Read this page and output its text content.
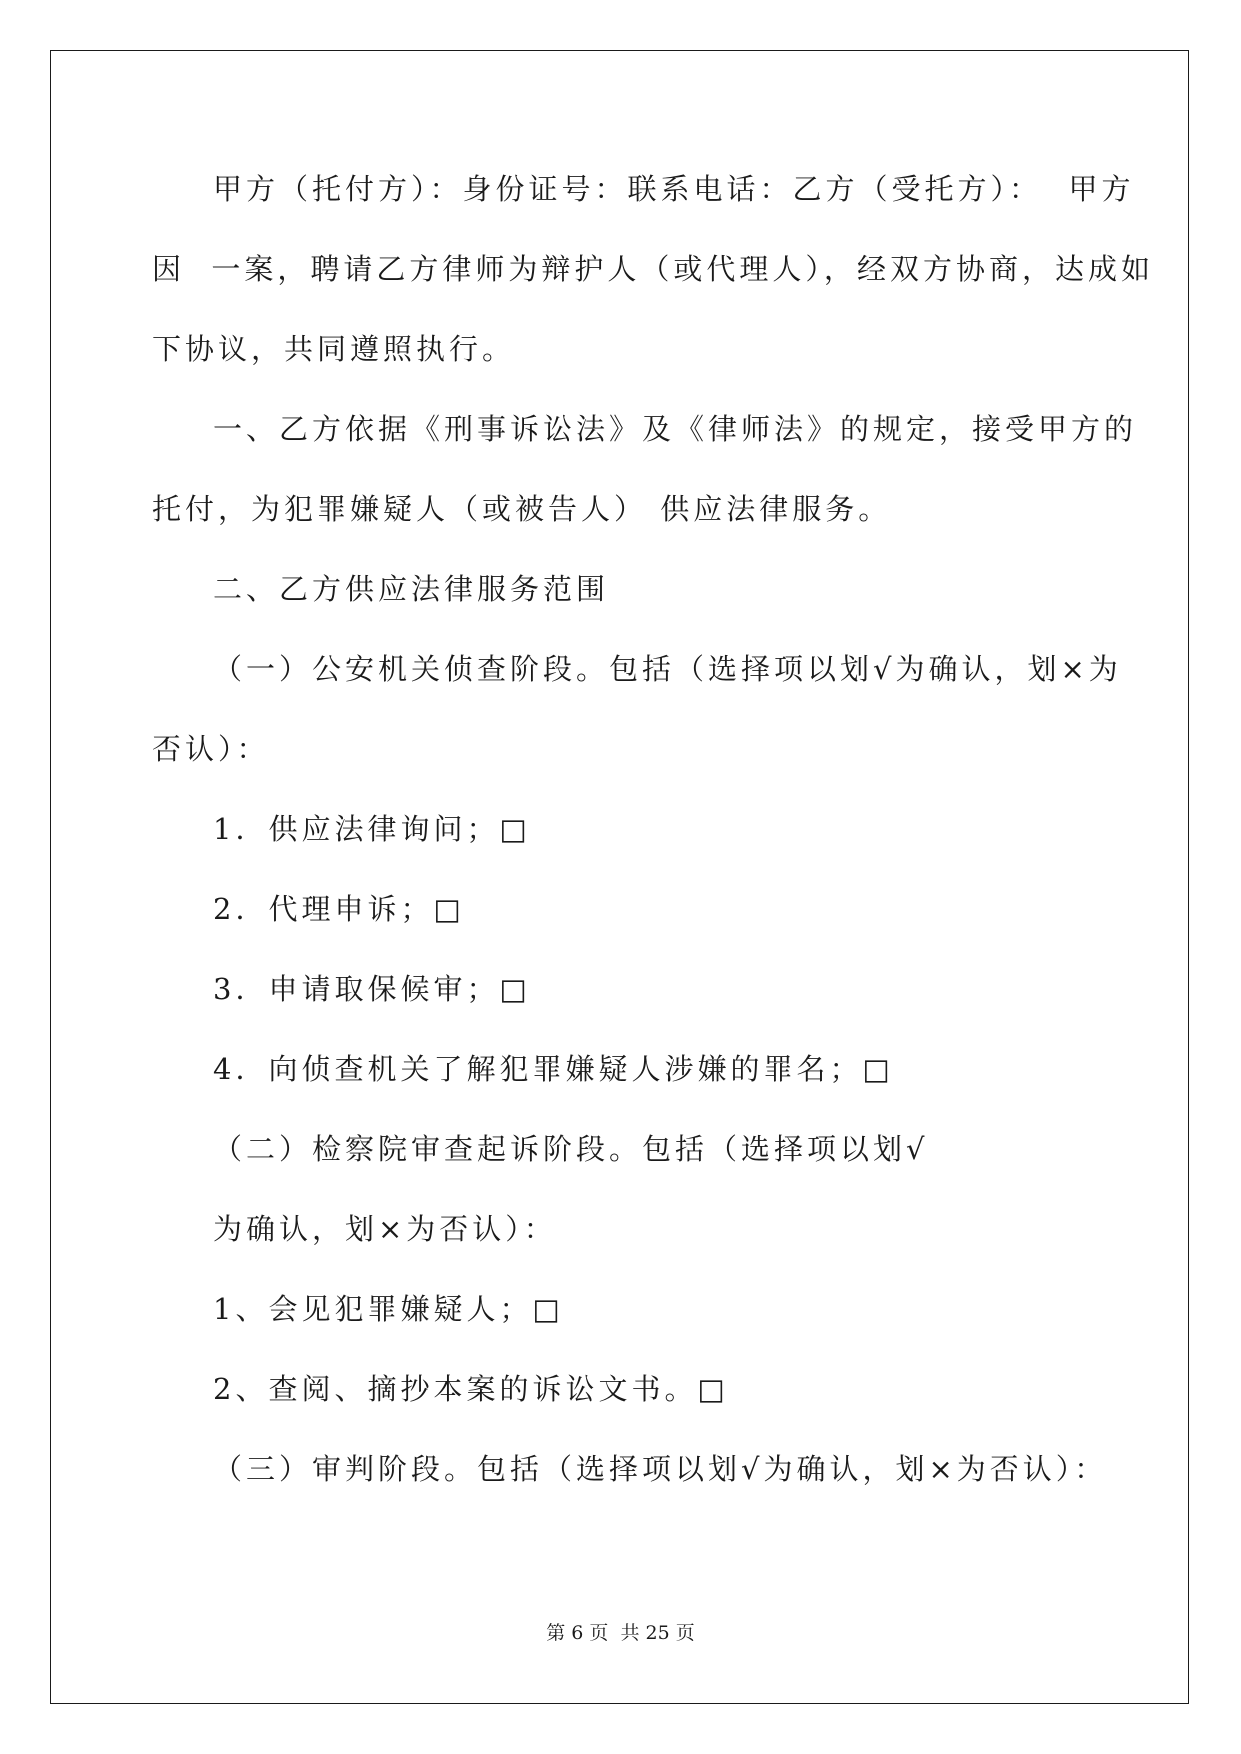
甲方（托付方）：身份证号：联系电话：乙方（受托方）：  甲方
因  一案，聘请乙方律师为辩护人（或代理人），经双方协商，达成如
下协议，共同遵照执行。
一、乙方依据《刑事诉讼法》及《律师法》的规定，接受甲方的
托付，为犯罪嫌疑人（或被告人） 供应法律服务。
二、乙方供应法律服务范围
（一）公安机关侦查阶段。包括（选择项以划√为确认，划×为
否认）：
1．供应法律询问；□
2．代理申诉；□
3．申请取保候审；□
4．向侦查机关了解犯罪嫌疑人涉嫌的罪名；□
（二）检察院审查起诉阶段。包括（选择项以划√
为确认，划×为否认）：
1、会见犯罪嫌疑人；□
2、查阅、摘抄本案的诉讼文书。□
（三）审判阶段。包括（选择项以划√为确认，划×为否认）：
第 6 页  共 25 页
